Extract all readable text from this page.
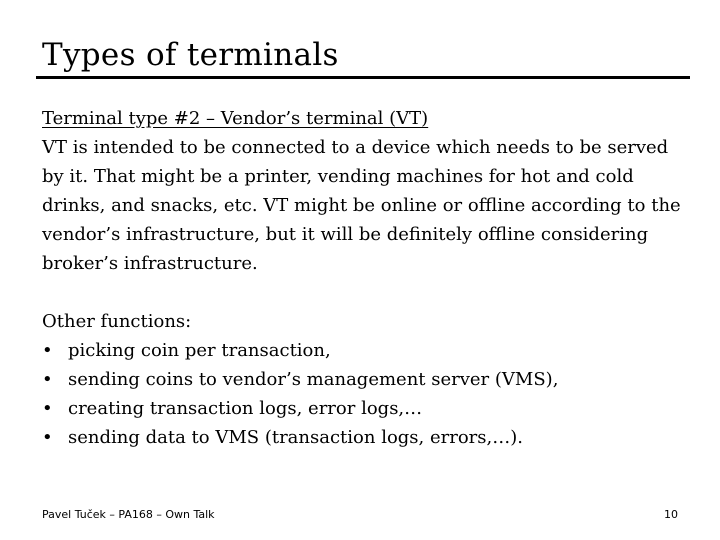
Types of terminals

Terminal type #2 – Vendor’s terminal (VT)

VT is intended to be connected to a device which needs to be served by it. That might be a printer, vending machines for hot and cold drinks, and snacks, etc. VT might be online or offline according to the vendor’s infrastructure, but it will be definitely offline considering broker’s infrastructure.

Other functions:

• picking coin per transaction,
• sending coins to vendor’s management server (VMS),
• creating transaction logs, error logs,…
• sending data to VMS (transaction logs, errors,…).
Pavel Tuček – PA168 – Own Talk	10
